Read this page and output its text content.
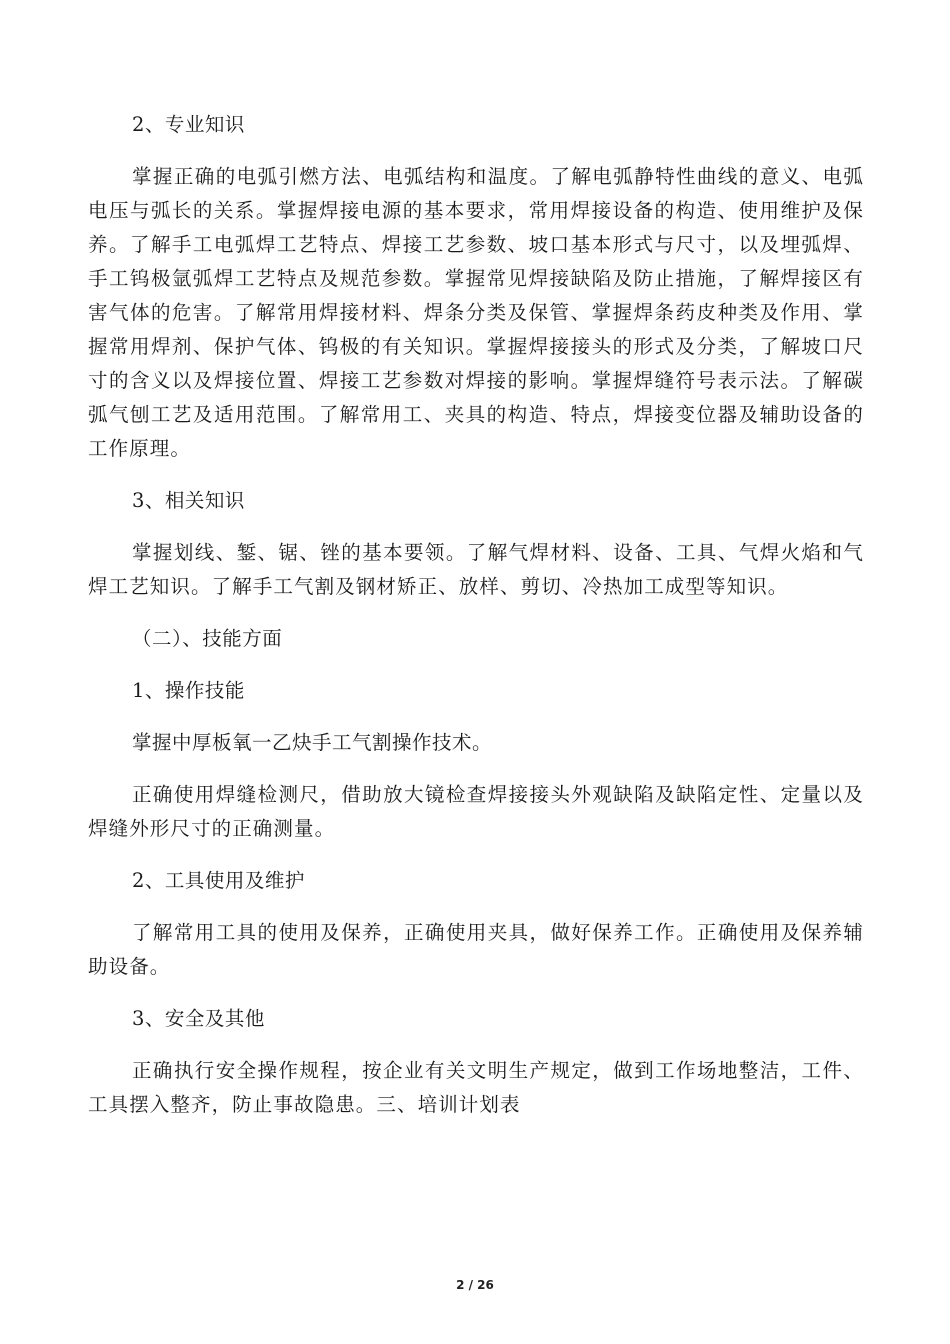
2、专业知识
掌握正确的电弧引燃方法、电弧结构和温度。了解电弧静特性曲线的意义、电弧电压与弧长的关系。掌握焊接电源的基本要求，常用焊接设备的构造、使用维护及保养。了解手工电弧焊工艺特点、焊接工艺参数、坡口基本形式与尺寸，以及埋弧焊、手工钨极氩弧焊工艺特点及规范参数。掌握常见焊接缺陷及防止措施，了解焊接区有害气体的危害。了解常用焊接材料、焊条分类及保管、掌握焊条药皮种类及作用、掌握常用焊剂、保护气体、钨极的有关知识。掌握焊接接头的形式及分类，了解坡口尺寸的含义以及焊接位置、焊接工艺参数对焊接的影响。掌握焊缝符号表示法。了解碳弧气刨工艺及适用范围。了解常用工、夹具的构造、特点，焊接变位器及辅助设备的工作原理。
3、相关知识
掌握划线、錾、锯、锉的基本要领。了解气焊材料、设备、工具、气焊火焰和气焊工艺知识。了解手工气割及钢材矫正、放样、剪切、冷热加工成型等知识。
（二）、技能方面
1、操作技能
掌握中厚板氧一乙炔手工气割操作技术。
正确使用焊缝检测尺，借助放大镜检查焊接接头外观缺陷及缺陷定性、定量以及焊缝外形尺寸的正确测量。
2、工具使用及维护
了解常用工具的使用及保养，正确使用夹具，做好保养工作。正确使用及保养辅助设备。
3、安全及其他
正确执行安全操作规程，按企业有关文明生产规定，做到工作场地整洁，工件、工具摆入整齐，防止事故隐患。三、培训计划表
2 / 26
